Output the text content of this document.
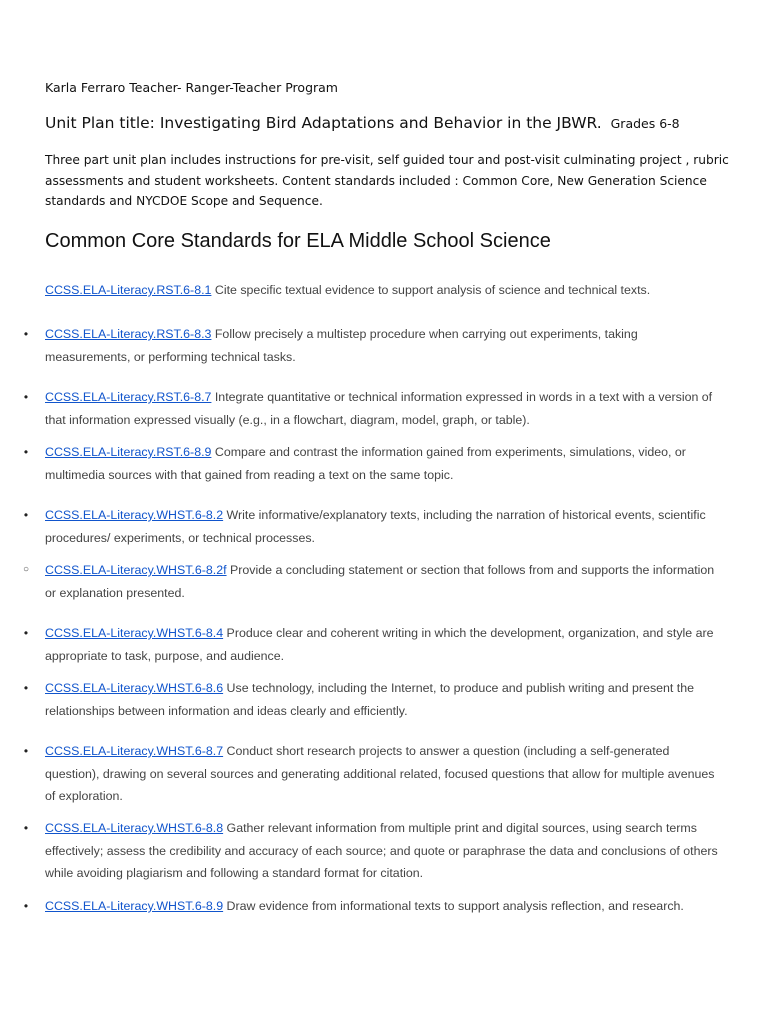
Karla Ferraro Teacher- Ranger-Teacher Program
Unit Plan title: Investigating Bird Adaptations and Behavior in the JBWR. Grades 6-8
Three part unit plan includes instructions for pre-visit, self guided tour and post-visit culminating project , rubric assessments and student worksheets. Content standards included : Common Core, New Generation Science standards and NYCDOE Scope and Sequence.
Common Core Standards for ELA Middle School Science
CCSS.ELA-Literacy.RST.6-8.1 Cite specific textual evidence to support analysis of science and technical texts.
•	CCSS.ELA-Literacy.RST.6-8.3 Follow precisely a multistep procedure when carrying out experiments, taking measurements, or performing technical tasks.
•	CCSS.ELA-Literacy.RST.6-8.7 Integrate quantitative or technical information expressed in words in a text with a version of that information expressed visually (e.g., in a flowchart, diagram, model, graph, or table).
•	CCSS.ELA-Literacy.RST.6-8.9 Compare and contrast the information gained from experiments, simulations, video, or multimedia sources with that gained from reading a text on the same topic.
•	CCSS.ELA-Literacy.WHST.6-8.2 Write informative/explanatory texts, including the narration of historical events, scientific procedures/ experiments, or technical processes.
○ CCSS.ELA-Literacy.WHST.6-8.2f Provide a concluding statement or section that follows from and supports the information or explanation presented.
•	CCSS.ELA-Literacy.WHST.6-8.4 Produce clear and coherent writing in which the development, organization, and style are appropriate to task, purpose, and audience.
•	CCSS.ELA-Literacy.WHST.6-8.6 Use technology, including the Internet, to produce and publish writing and present the relationships between information and ideas clearly and efficiently.
•	CCSS.ELA-Literacy.WHST.6-8.7 Conduct short research projects to answer a question (including a self-generated question), drawing on several sources and generating additional related, focused questions that allow for multiple avenues of exploration.
•	CCSS.ELA-Literacy.WHST.6-8.8 Gather relevant information from multiple print and digital sources, using search terms effectively; assess the credibility and accuracy of each source; and quote or paraphrase the data and conclusions of others while avoiding plagiarism and following a standard format for citation.
•	CCSS.ELA-Literacy.WHST.6-8.9 Draw evidence from informational texts to support analysis reflection, and research.
